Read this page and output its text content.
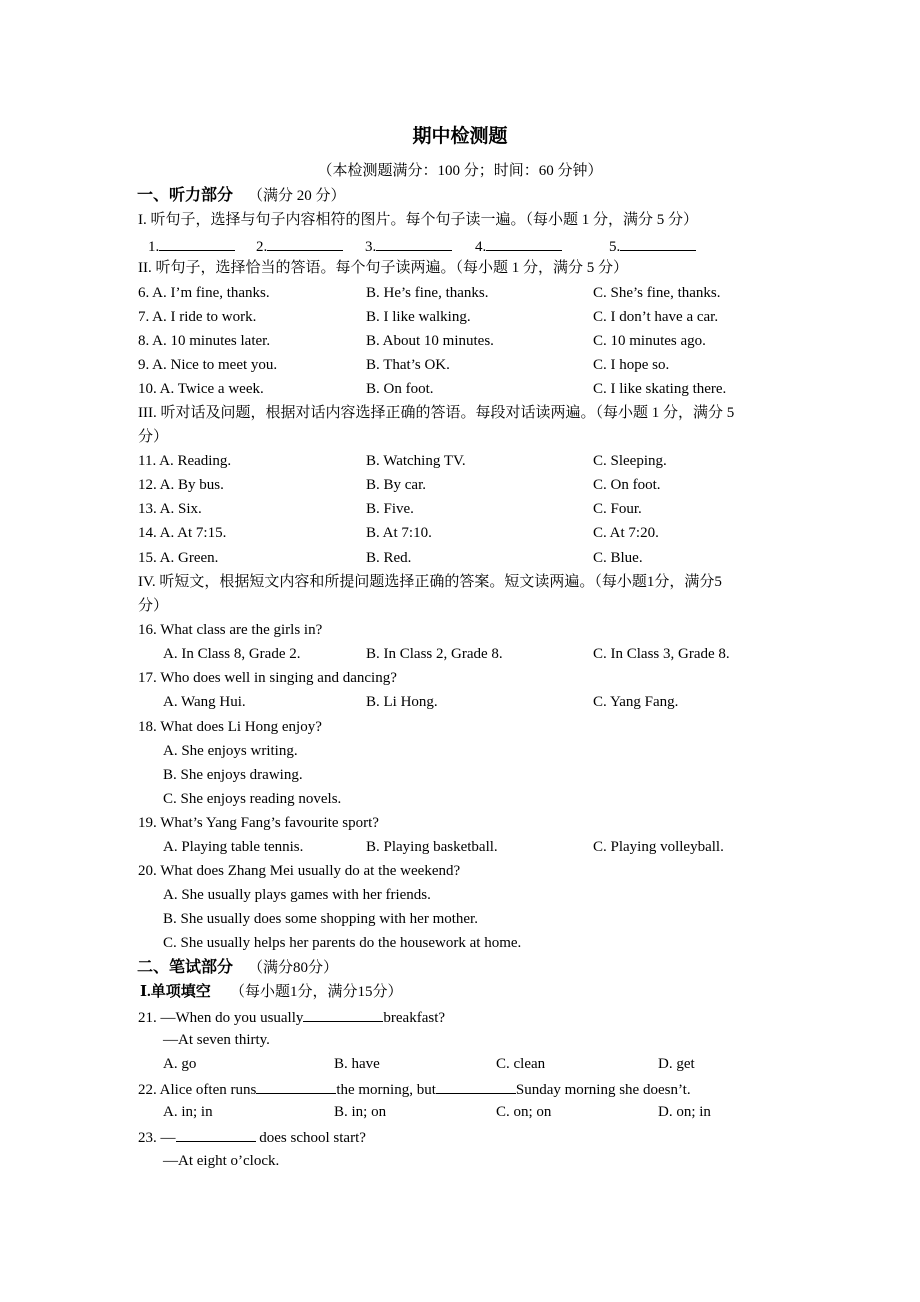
期中检测题
（本检测题满分：100 分；时间：60 分钟）
一、听力部分 （满分 20 分）
I. 听句子，选择与句子内容相符的图片。每个句子读一遍。（每小题 1 分，满分 5 分）
1.	2.	3.	4.	5.
II. 听句子，选择恰当的答语。每个句子读两遍。（每小题 1 分，满分 5 分）
6. A. I’m fine, thanks.	B. He’s fine, thanks.	C. She’s fine, thanks.
7. A. I ride to work.	B. I like walking.	C. I don’t have a car.
8. A. 10 minutes later.	B. About 10 minutes.	C. 10 minutes ago.
9. A. Nice to meet you.	B. That’s OK.	C. I hope so.
10. A. Twice a week.	B. On foot.	C. I like skating there.
III. 听对话及问题，根据对话内容选择正确的答语。每段对话读两遍。（每小题 1 分，满分 5
分）
11. A. Reading.	B. Watching TV.	C. Sleeping.
12. A. By bus.	B. By car.	C. On foot.
13. A. Six.	B. Five.	C. Four.
14. A. At 7:15.	B. At 7:10.	C. At 7:20.
15. A. Green.	B. Red.	C. Blue.
IV. 听短文，根据短文内容和所提问题选择正确的答案。短文读两遍。（每小题1分，满分5
分）
16. What class are the girls in?
A. In Class 8, Grade 2.	B. In Class 2, Grade 8.	C. In Class 3, Grade 8.
17. Who does well in singing and dancing?
A. Wang Hui.	B. Li Hong.	C. Yang Fang.
18. What does Li Hong enjoy?
A. She enjoys writing.
B. She enjoys drawing.
C. She enjoys reading novels.
19. What’s Yang Fang’s favourite sport?
A. Playing table tennis.	B. Playing basketball.	C. Playing volleyball.
20. What does Zhang Mei usually do at the weekend?
A. She usually plays games with her friends.
B. She usually does some shopping with her mother.
C. She usually helps her parents do the housework at home.
二、笔试部分 （满分80分）
Ⅰ.单项填空 （每小题1分，满分15分）
21. —When do you usually	breakfast?
—At seven thirty.
A. go	B. have	C. clean	D. get
22. Alice often runs	the morning, but	Sunday morning she doesn’t.
A. in; in	B. in; on	C. on; on	D. on; in
23. —	does school start?
—At eight o’clock.
